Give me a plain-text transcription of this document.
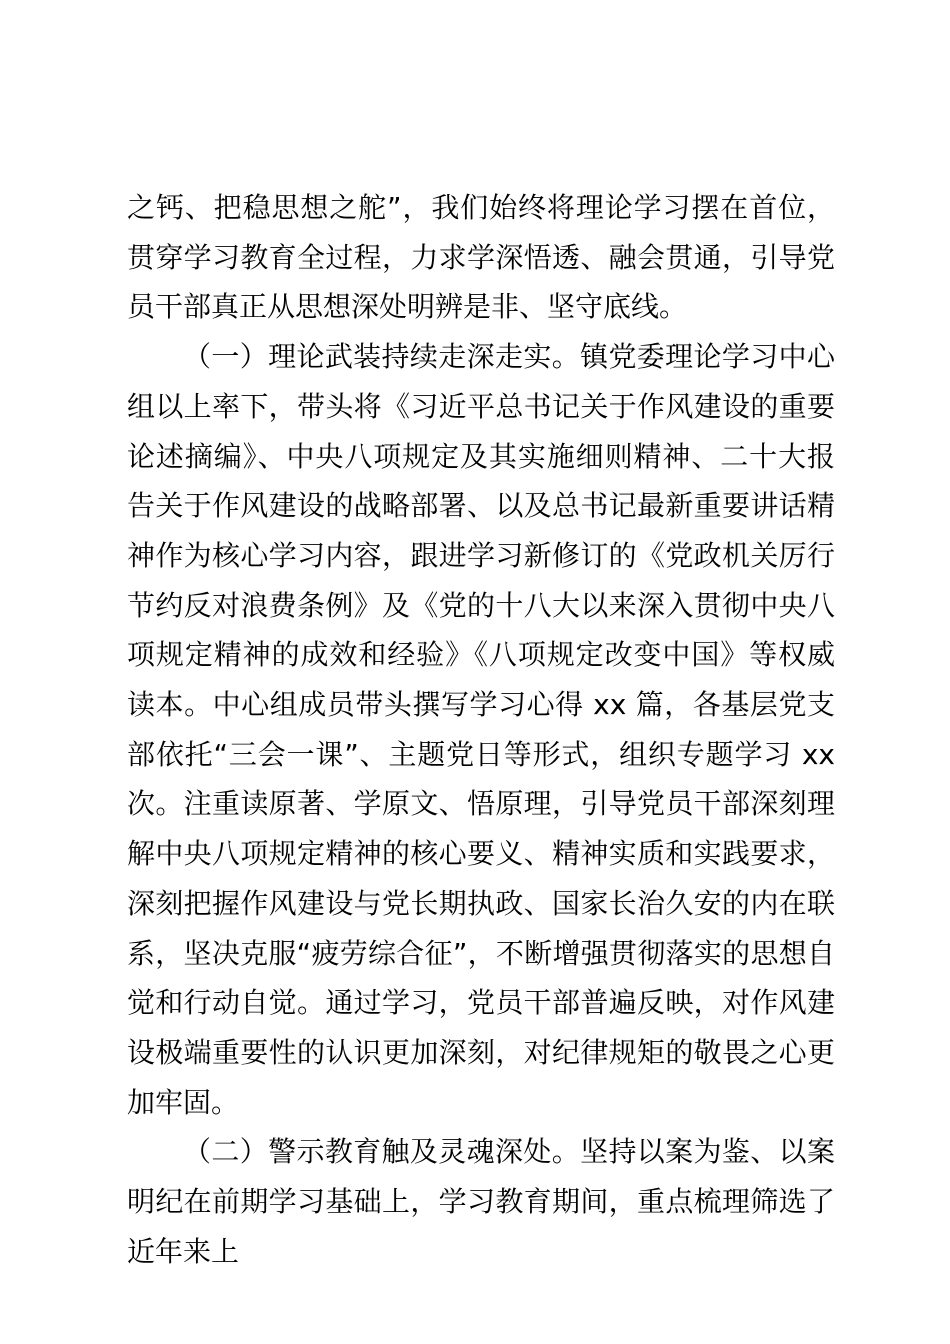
之钙、把稳思想之舵”，我们始终将理论学习摆在首位，贯穿学习教育全过程，力求学深悟透、融会贯通，引导党员干部真正从思想深处明辨是非、坚守底线。

（一）理论武装持续走深走实。镇党委理论学习中心组以上率下，带头将《习近平总书记关于作风建设的重要论述摘编》、中央八项规定及其实施细则精神、二十大报告关于作风建设的战略部署、以及总书记最新重要讲话精神作为核心学习内容，跟进学习新修订的《党政机关厉行节约反对浪费条例》及《党的十八大以来深入贯彻中央八项规定精神的成效和经验》《八项规定改变中国》等权威读本。中心组成员带头撰写学习心得 xx 篇，各基层党支部依托“三会一课”、主题党日等形式，组织专题学习 xx 次。注重读原著、学原文、悟原理，引导党员干部深刻理解中央八项规定精神的核心要义、精神实质和实践要求，深刻把握作风建设与党长期执政、国家长治久安的内在联系，坚决克服“疲劳综合征”，不断增强贯彻落实的思想自觉和行动自觉。通过学习，党员干部普遍反映，对作风建设极端重要性的认识更加深刻，对纪律规矩的敬畏之心更加牢固。

（二）警示教育触及灵魂深处。坚持以案为鉴、以案明纪在前期学习基础上，学习教育期间，重点梳理筛选了近年来上
